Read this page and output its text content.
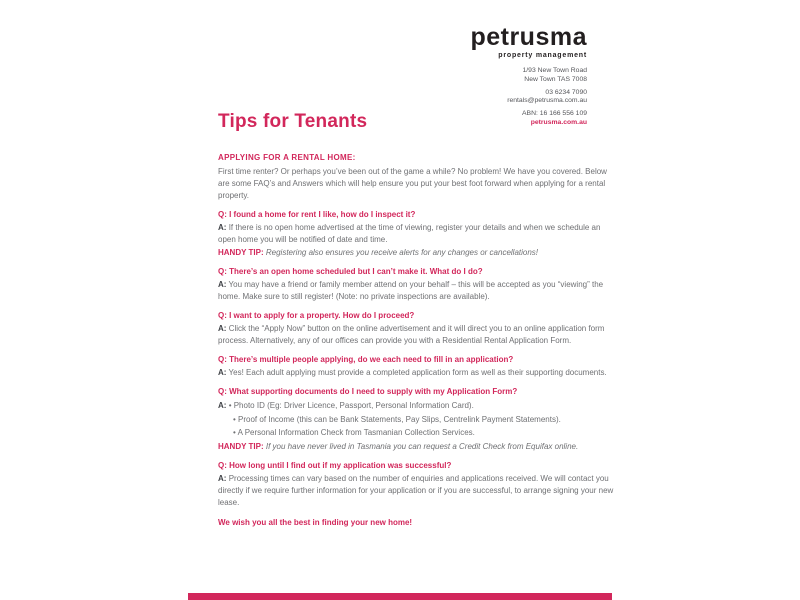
petrusma
property management
1/93 New Town Road
New Town TAS 7008
03 6234 7090
rentals@petrusma.com.au
ABN: 16 166 556 109
petrusma.com.au
Tips for Tenants
APPLYING FOR A RENTAL HOME:

First time renter? Or perhaps you’ve been out of the game a while? No problem! We have you covered. Below are some FAQ’s and Answers which will help ensure you put your best foot forward when applying for a rental property.

Q: I found a home for rent I like, how do I inspect it?

A: If there is no open home advertised at the time of viewing, register your details and when we schedule an open home you will be notified of date and time.

HANDY TIP: Registering also ensures you receive alerts for any changes or cancellations!

Q: There’s an open home scheduled but I can’t make it. What do I do?

A: You may have a friend or family member attend on your behalf – this will be accepted as you “viewing” the home. Make sure to still register! (Note: no private inspections are available).

Q: I want to apply for a property. How do I proceed?

A: Click the “Apply Now” button on the online advertisement and it will direct you to an online application form process. Alternatively, any of our offices can provide you with a Residential Rental Application Form.

Q: There’s multiple people applying, do we each need to fill in an application?

A: Yes! Each adult applying must provide a completed application form as well as their supporting documents.

Q: What supporting documents do I need to supply with my Application Form?

A: • Photo ID (Eg: Driver Licence, Passport, Personal Information Card).

• Proof of Income (this can be Bank Statements, Pay Slips, Centrelink Payment Statements).

• A Personal Information Check from Tasmanian Collection Services.

HANDY TIP: If you have never lived in Tasmania you can request a Credit Check from Equifax online.

Q: How long until I find out if my application was successful?

A: Processing times can vary based on the number of enquiries and applications received. We will contact you directly if we require further information for your application or if you are successful, to arrange signing your new lease.

We wish you all the best in finding your new home!
